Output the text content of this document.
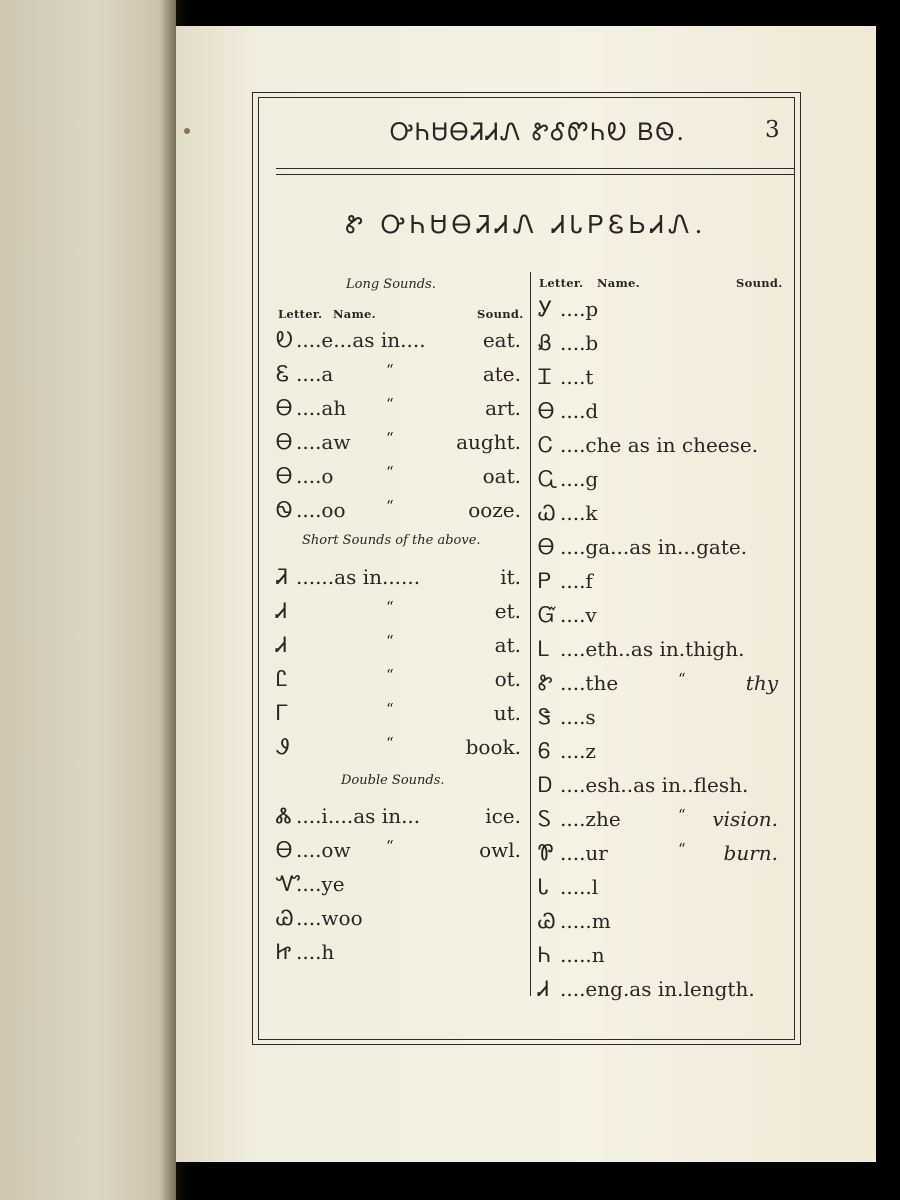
ᎤᏂᏌᎾᏘᏗᏁ ᏑᎴᏛᏂᎧ ᏴᏫ.	3
Ꮡ ᎤᏂᏌᎾᏘᏗᏁ ᏗᏓᏢᏋᏏᏗᏁ.
Long Sounds.
Letter. Name.	Sound.
Ꭷ ....e...as in....	eat.
Ꮛ ....a	“	ate.
Ꮎ ....ah	“	art.
Ꮎ ....aw “	aught.
Ꮎ ....o	“	oat.
Ꮻ ....oo	“	ooze.
Short Sounds of the above.
Ꮨ ......as in......	it.
Ꮧ	“	et.
Ꮧ	“	at.
Ꮭ	“	ot.
Ꮁ	“	ut.
Ꮽ	“	book.
Double Sounds.
Ꮬ ....i....as in...	ice.
Ꮎ ....ow “	owl.
Ꮙ....ye
Ꮚ ....woo
Ꮵ ....h
Letter. Name.	Sound.
Ꭹ ....p
Ᏸ ....b
Ꮖ ....t
Ꮎ ....d
Ꮯ ....che as in cheese.
Ꮹ....g
Ꮗ ....k
Ꮎ ....ga...as in...gate.
Ꮲ ....f
Ᏻ ....v
Ꮮ ....eth..as in.thigh.
Ꮡ ....the	“	thy
Ꮥ ....s
Ꮾ ....z
Ꭰ ....esh..as in..flesh.
Ꮪ ....zhe	“	vision.
Ꮘ ....ur	“	burn.
Ꮣ .....l
Ꮚ .....m
Ꮒ .....n
Ꮧ ....eng.as in.length.
